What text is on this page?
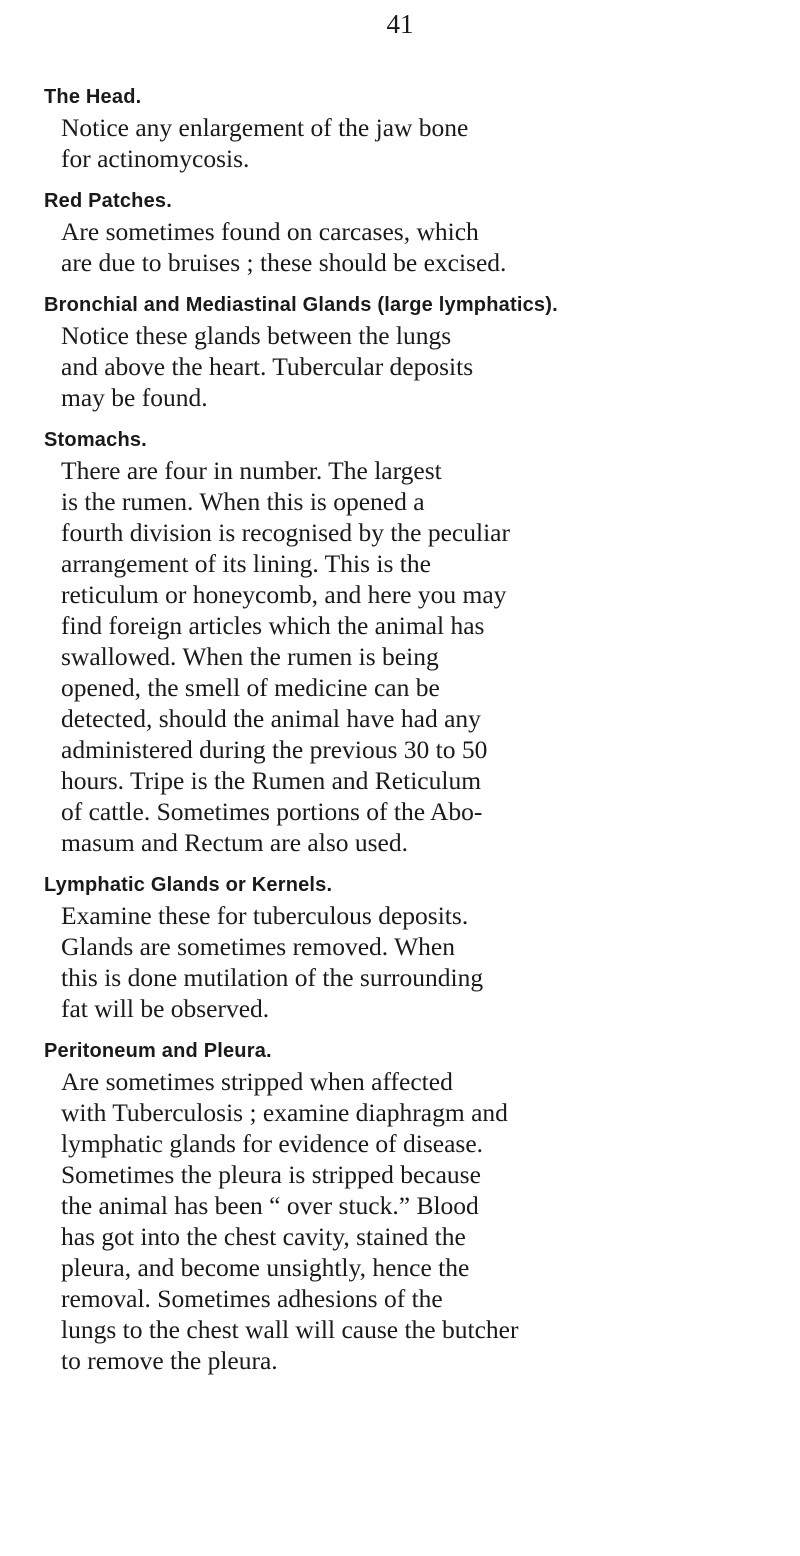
41
The Head.
Notice any enlargement of the jaw bone
for actinomycosis.
Red Patches.
Are sometimes found on carcases, which
are due to bruises ; these should be excised.
Bronchial and Mediastinal Glands (large lymphatics).
Notice these glands between the lungs
and above the heart. Tubercular deposits
may be found.
Stomachs.
There are four in number. The largest
is the rumen. When this is opened a
fourth division is recognised by the peculiar
arrangement of its lining. This is the
reticulum or honeycomb, and here you may
find foreign articles which the animal has
swallowed. When the rumen is being
opened, the smell of medicine can be
detected, should the animal have had any
administered during the previous 30 to 50
hours. Tripe is the Rumen and Reticulum
of cattle. Sometimes portions of the Abo-
masum and Rectum are also used.
Lymphatic Glands or Kernels.
Examine these for tuberculous deposits.
Glands are sometimes removed. When
this is done mutilation of the surrounding
fat will be observed.
Peritoneum and Pleura.
Are sometimes stripped when affected
with Tuberculosis ; examine diaphragm and
lymphatic glands for evidence of disease.
Sometimes the pleura is stripped because
the animal has been “ over stuck.” Blood
has got into the chest cavity, stained the
pleura, and become unsightly, hence the
removal. Sometimes adhesions of the
lungs to the chest wall will cause the butcher
to remove the pleura.
